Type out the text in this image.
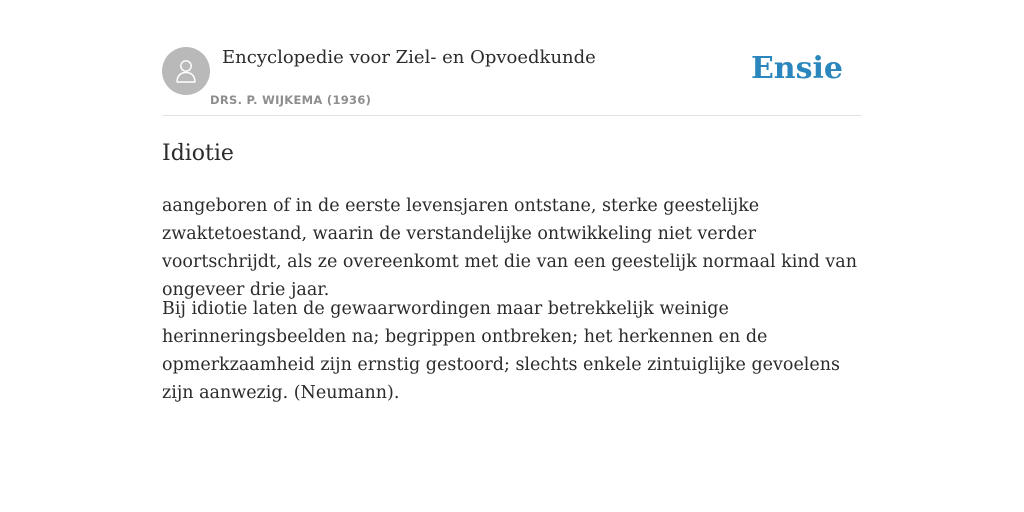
Encyclopedie voor Ziel- en Opvoedkunde
DRS. P. WIJKEMA (1936)
Ensie
Idiotie

aangeboren of in de eerste levensjaren ontstane, sterke geestelijke zwaktetoestand, waarin de verstandelijke ontwikkeling niet verder voortschrijdt, als ze overeenkomt met die van een geestelijk normaal kind van ongeveer drie jaar.

Bij idiotie laten de gewaarwordingen maar betrekkelijk weinige herinneringsbeelden na; begrippen ontbreken; het herkennen en de opmerkzaamheid zijn ernstig gestoord; slechts enkele zintuiglijke gevoelens zijn aanwezig. (Neumann).
